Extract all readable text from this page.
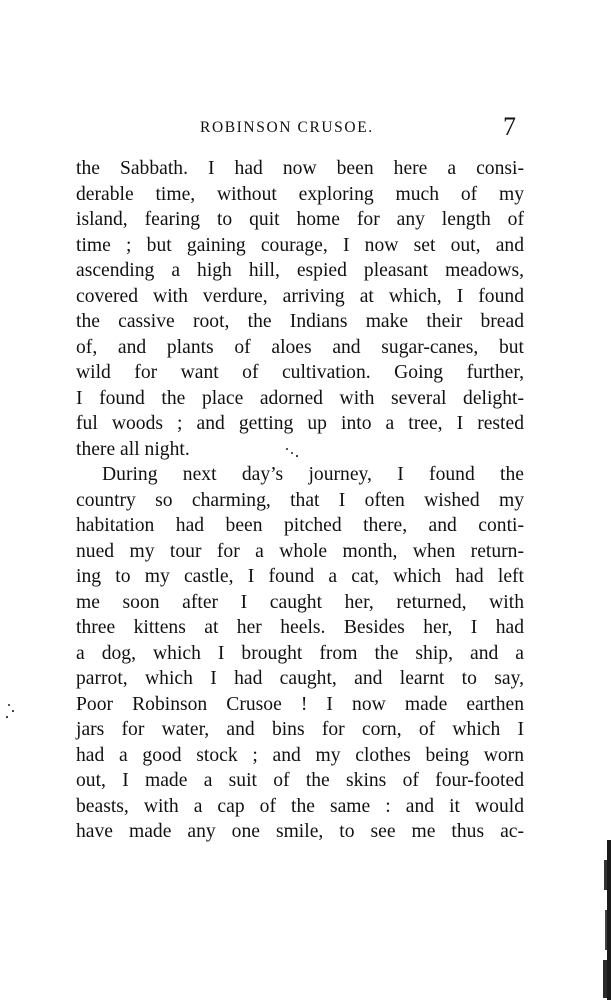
ROBINSON CRUSOE.	7
the Sabbath. I had now been here a consi-
derable time, without exploring much of my
island, fearing to quit home for any length of
time ; but gaining courage, I now set out, and
ascending a high hill, espied pleasant meadows,
covered with verdure, arriving at which, I found
the cassive root, the Indians make their bread
of, and plants of aloes and sugar-canes, but
wild for want of cultivation. Going further,
I found the place adorned with several delight-
ful woods ; and getting up into a tree, I rested
there all night.
During next day’s journey, I found the
country so charming, that I often wished my
habitation had been pitched there, and conti-
nued my tour for a whole month, when return-
ing to my castle, I found a cat, which had left
me soon after I caught her, returned, with
three kittens at her heels. Besides her, I had
a dog, which I brought from the ship, and a
parrot, which I had caught, and learnt to say,
Poor Robinson Crusoe ! I now made earthen
jars for water, and bins for corn, of which I
had a good stock ; and my clothes being worn
out, I made a suit of the skins of four-footed
beasts, with a cap of the same : and it would
have made any one smile, to see me thus ac-
